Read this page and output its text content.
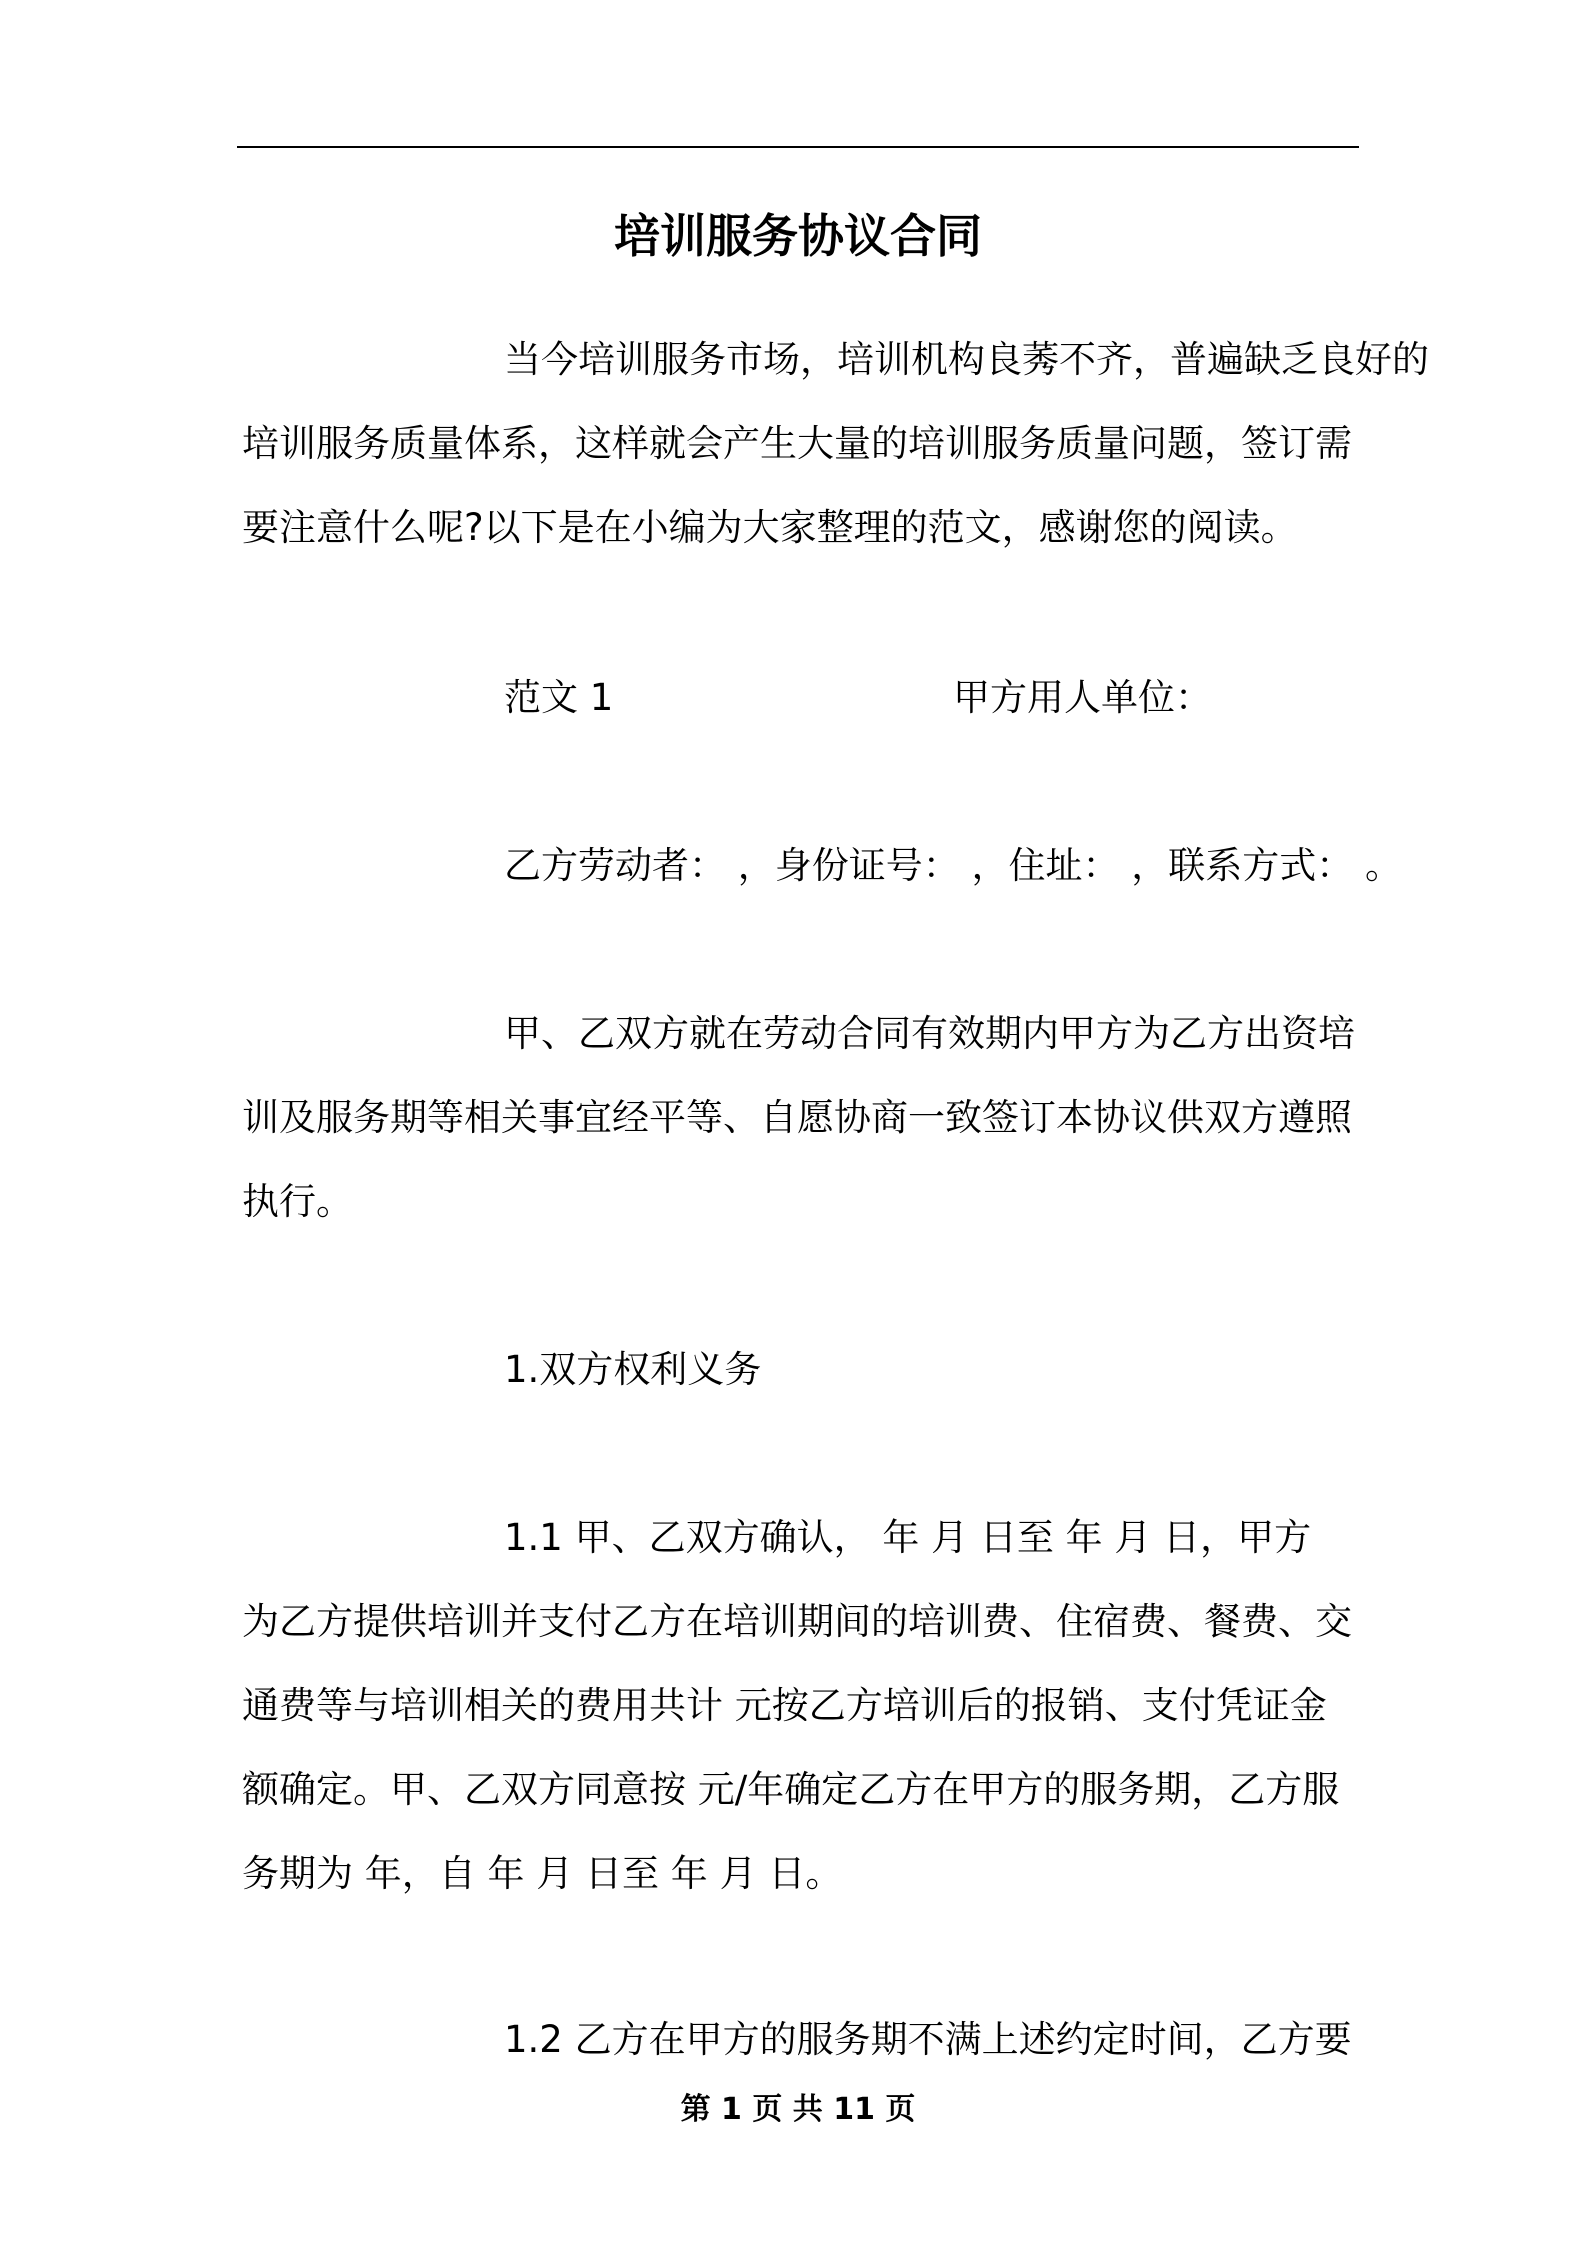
培训服务协议合同
当今培训服务市场，培训机构良莠不齐，普遍缺乏良好的
培训服务质量体系，这样就会产生大量的培训服务质量问题，签订需
要注意什么呢?以下是在小编为大家整理的范文，感谢您的阅读。
范文 1	甲方用人单位：
乙方劳动者： ，身份证号： ，住址： ，联系方式： 。
甲、乙双方就在劳动合同有效期内甲方为乙方出资培
训及服务期等相关事宜经平等、自愿协商一致签订本协议供双方遵照
执行。
1.双方权利义务
1.1 甲、乙双方确认， 年 月 日至 年 月 日，甲方
为乙方提供培训并支付乙方在培训期间的培训费、住宿费、餐费、交
通费等与培训相关的费用共计 元按乙方培训后的报销、支付凭证金
额确定。甲、乙双方同意按 元/年确定乙方在甲方的服务期，乙方服
务期为 年，自 年 月 日至 年 月 日。
1.2 乙方在甲方的服务期不满上述约定时间，乙方要
第 1 页 共 11 页
